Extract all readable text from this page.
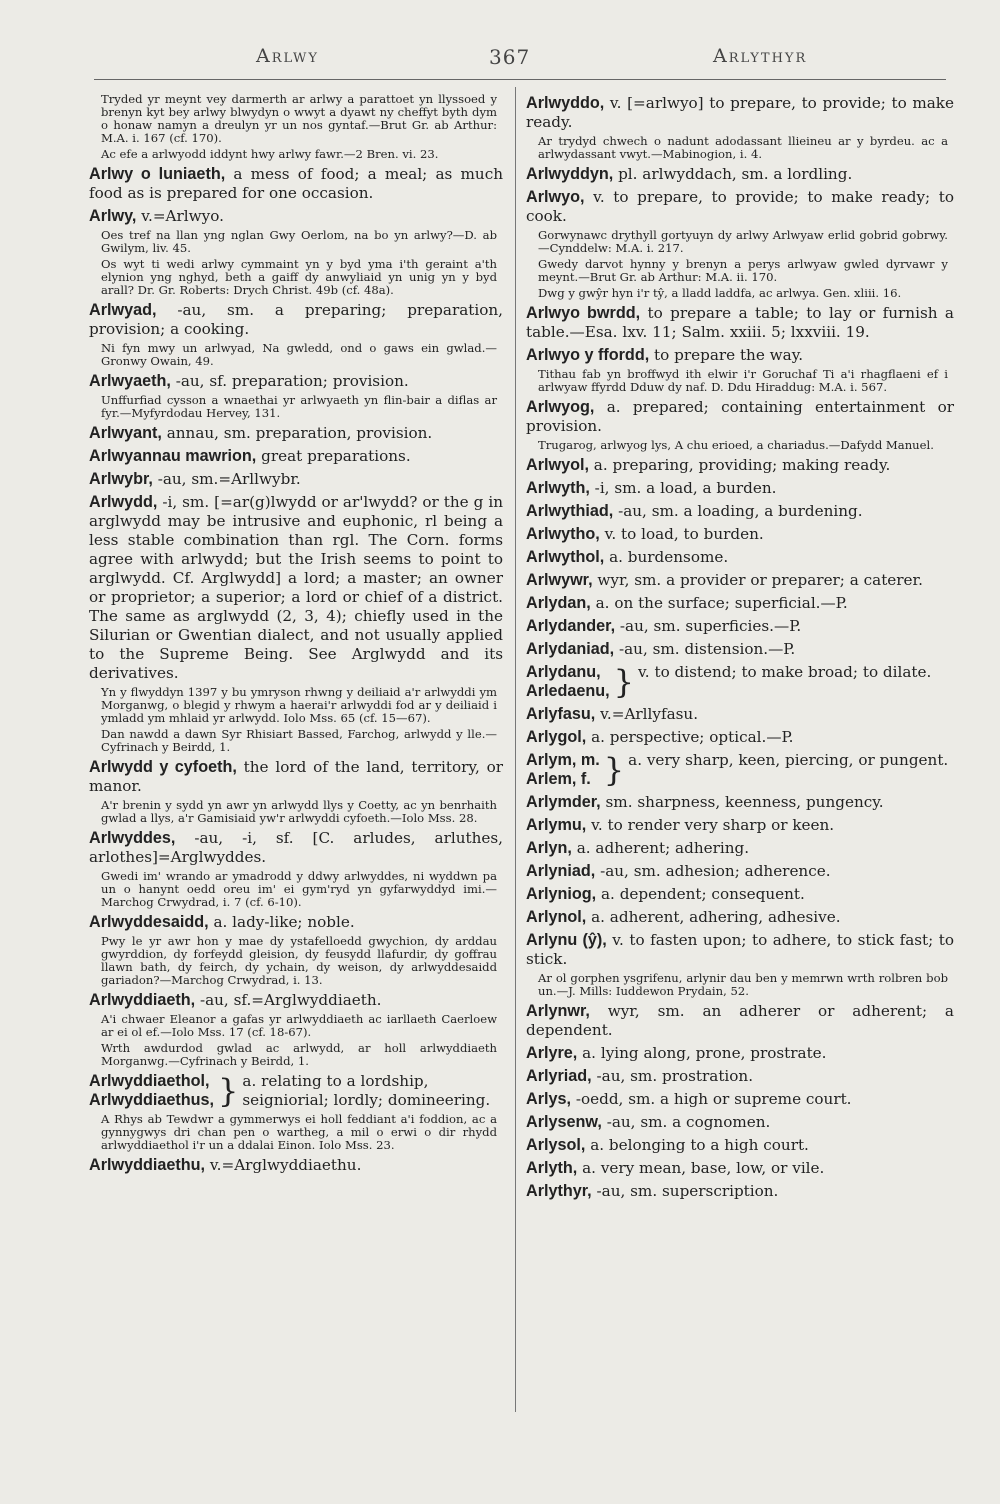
Arlwy	367	Arlythyr
Tryded yr meynt vey darmerth ar arlwy a parattoet yn llyssoed y brenyn kyt bey arlwy blwydyn o wwyt a dyawt ny cheffyt byth dym o honaw namyn a dreulyn yr un nos gyntaf.—Brut Gr. ab Arthur: M.A. i. 167 (cf. 170).
Ac efe a arlwyodd iddynt hwy arlwy fawr.—2 Bren. vi. 23.
Arlwy o luniaeth, a mess of food; a meal; as much food as is prepared for one occasion.
Arlwy, v.=Arlwyo.
Oes tref na llan yng nglan Gwy Oerlom, na bo yn arlwy?—D. ab Gwilym, liv. 45.
Os wyt ti wedi arlwy cymmaint yn y byd yma i'th geraint a'th elynion yng nghyd, beth a gaiff dy anwyliaid yn unig yn y byd arall? Dr. Gr. Roberts: Drych Christ. 49b (cf. 48a).
Arlwyad, -au, sm. a preparing; preparation, provision; a cooking.
Ni fyn mwy un arlwyad, Na gwledd, ond o gaws ein gwlad.—Gronwy Owain, 49.
Arlwyaeth, -au, sf. preparation; provision.
Unffurfiad cysson a wnaethai yr arlwyaeth yn flin-bair a diflas ar fyr.—Myfyrdodau Hervey, 131.
Arlwyant, annau, sm. preparation, provision.
Arlwyannau mawrion, great preparations.
Arlwybr, -au, sm.=Arllwybr.
Arlwydd, -i, sm. [=ar(g)lwydd or ar'lwydd? or the g in arglwydd may be intrusive and euphonic, rl being a less stable combination than rgl. The Corn. forms agree with arlwydd; but the Irish seems to point to arglwydd. Cf. Arglwydd] a lord; a master; an owner or proprietor; a superior; a lord or chief of a district. The same as arglwydd (2, 3, 4); chiefly used in the Silurian or Gwentian dialect, and not usually applied to the Supreme Being. See Arglwydd and its derivatives.
Yn y flwyddyn 1397 y bu ymryson rhwng y deiliaid a'r arlwyddi ym Morganwg, o blegid y rhwym a haerai'r arlwyddi fod ar y deiliaid i ymladd ym mhlaid yr arlwydd. Iolo Mss. 65 (cf. 15—67).
Dan nawdd a dawn Syr Rhisiart Bassed, Farchog, arlwydd y lle.—Cyfrinach y Beirdd, 1.
Arlwydd y cyfoeth, the lord of the land, territory, or manor.
A'r brenin y sydd yn awr yn arlwydd llys y Coetty, ac yn benrhaith gwlad a llys, a'r Gamisiaid yw'r arlwyddi cyfoeth.—Iolo Mss. 28.
Arlwyddes, -au, -i, sf. [C. arludes, arluthes, arlothes]=Arglwyddes.
Gwedi im' wrando ar ymadrodd y ddwy arlwyddes, ni wyddwn pa un o hanynt oedd oreu im' ei gym'ryd yn gyfarwyddyd imi.—Marchog Crwydrad, i. 7 (cf. 6-10).
Arlwyddesaidd, a. lady-like; noble.
Pwy le yr awr hon y mae dy ystafelloedd gwychion, dy arddau gwyrddion, dy forfeydd gleision, dy feusydd llafurdir, dy goffrau llawn bath, dy feirch, dy ychain, dy weison, dy arlwyddesaidd gariadon?—Marchog Crwydrad, i. 13.
Arlwyddiaeth, -au, sf.=Arglwyddiaeth.
A'i chwaer Eleanor a gafas yr arlwyddiaeth ac iarllaeth Caerloew ar ei ol ef.—Iolo Mss. 17 (cf. 18-67).
Wrth awdurdod gwlad ac arlwydd, ar holl arlwyddiaeth Morganwg.—Cyfrinach y Beirdd, 1.
Arlwyddiaethol,
Arlwyddiaethus, } a. relating to a lordship, seigniorial; lordly; domineering.
A Rhys ab Tewdwr a gymmerwys ei holl feddiant a'i foddion, ac a gynnygwys dri chan pen o wartheg, a mil o erwi o dir rhydd arlwyddiaethol i'r un a ddalai Einon. Iolo Mss. 23.
Arlwyddiaethu, v.=Arglwyddiaethu.
Arlwyddo, v. [=arlwyo] to prepare, to provide; to make ready.
Ar trydyd chwech o nadunt adodassant llieineu ar y byrdeu. ac a arlwydassant vwyt.—Mabinogion, i. 4.
Arlwyddyn, pl. arlwyddach, sm. a lordling.
Arlwyo, v. to prepare, to provide; to make ready; to cook.
Gorwynawc drythyll gortyuyn dy arlwy Arlwyaw erlid gobrid gobrwy.—Cynddelw: M.A. i. 217.
Gwedy darvot hynny y brenyn a perys arlwyaw gwled dyrvawr y meynt.—Brut Gr. ab Arthur: M.A. ii. 170.
Dwg y gwŷr hyn i'r tŷ, a lladd laddfa, ac arlwya. Gen. xliii. 16.
Arlwyo bwrdd, to prepare a table; to lay or furnish a table.—Esa. lxv. 11; Salm. xxiii. 5; lxxviii. 19.
Arlwyo y ffordd, to prepare the way.
Tithau fab yn broffwyd ith elwir i'r Goruchaf Ti a'i rhagflaeni ef i arlwyaw ffyrdd Dduw dy naf. D. Ddu Hiraddug: M.A. i. 567.
Arlwyog, a. prepared; containing entertainment or provision.
Trugarog, arlwyog lys, A chu erioed, a chariadus.—Dafydd Manuel.
Arlwyol, a. preparing, providing; making ready.
Arlwyth, -i, sm. a load, a burden.
Arlwythiad, -au, sm. a loading, a burdening.
Arlwytho, v. to load, to burden.
Arlwythol, a. burdensome.
Arlwywr, wyr, sm. a provider or preparer; a caterer.
Arlydan, a. on the surface; superficial.—P.
Arlydander, -au, sm. superficies.—P.
Arlydaniad, -au, sm. distension.—P.
Arlydanu,
Arledaenu, } v. to distend; to make broad; to dilate.
Arlyfasu, v.=Arllyfasu.
Arlygol, a. perspective; optical.—P.
Arlym, m.
Arlem, f. } a. very sharp, keen, piercing, or pungent.
Arlymder, sm. sharpness, keenness, pungency.
Arlymu, v. to render very sharp or keen.
Arlyn, a. adherent; adhering.
Arlyniad, -au, sm. adhesion; adherence.
Arlyniog, a. dependent; consequent.
Arlynol, a. adherent, adhering, adhesive.
Arlynu (ŷ), v. to fasten upon; to adhere, to stick fast; to stick.
Ar ol gorphen ysgrifenu, arlynir dau ben y memrwn wrth rolbren bob un.—J. Mills: Iuddewon Prydain, 52.
Arlynwr, wyr, sm. an adherer or adherent; a dependent.
Arlyre, a. lying along, prone, prostrate.
Arlyriad, -au, sm. prostration.
Arlys, -oedd, sm. a high or supreme court.
Arlysenw, -au, sm. a cognomen.
Arlysol, a. belonging to a high court.
Arlyth, a. very mean, base, low, or vile.
Arlythyr, -au, sm. superscription.
